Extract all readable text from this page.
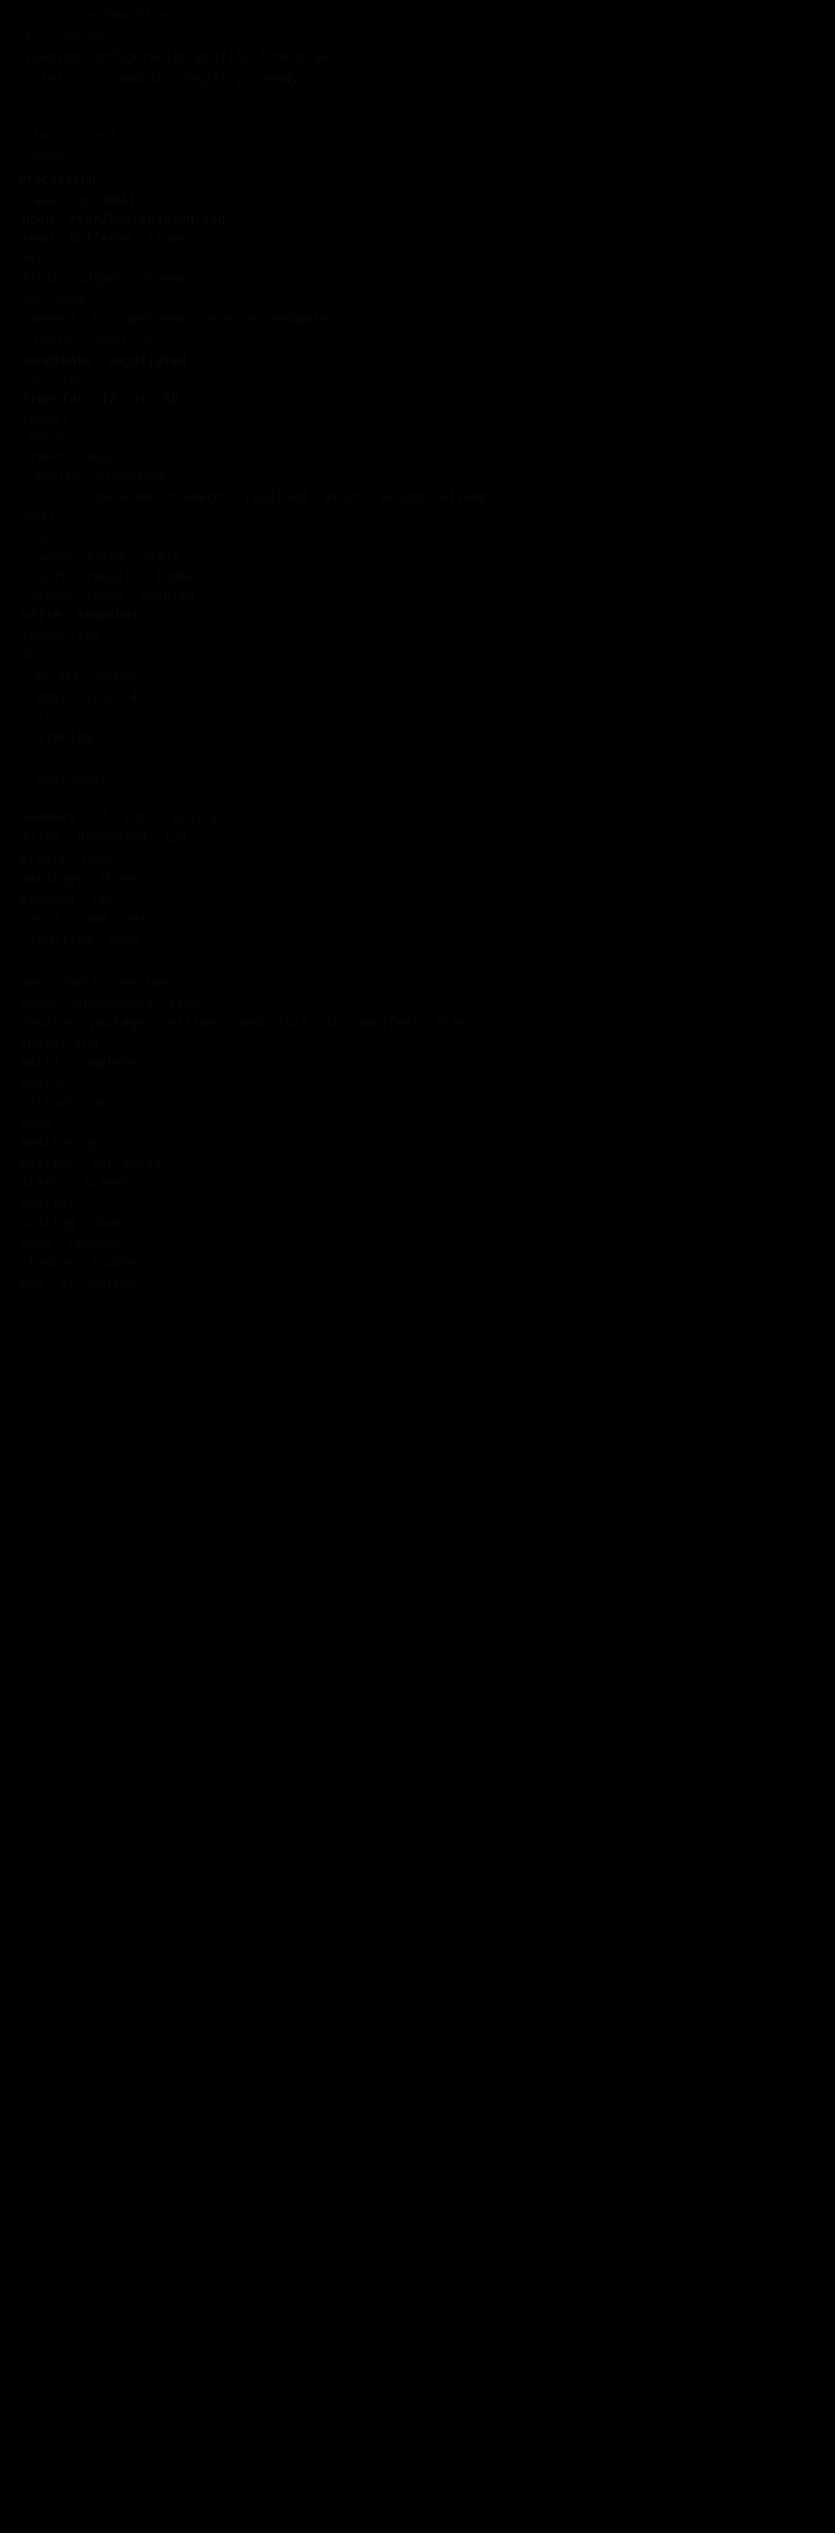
user@machine
$ ./run.sh
loading configuration profile from disk
init  ::  module  registry  ready
status : active
queue
processing
task  id  00412
open  /var/log/session.log
read  buffered  lines
wait  for  io
flush  output  stream
ok  done
connect  to  upstream  service  endpoint
retry  count  0
handshake  negotiated
session
transfer  12  of  48
commit
merge
branch  main
verify  signature
checksum  mismatch  resolved  after  second  attempt
next
log
warn  cache  stale
info  rebuild  index
debug  trace  enabled
write  snapshot
compacting
done
restart  worker
pool  size  4
idle
listening
heartbeat
summary  of  run  results
files  processed  128
errors  none
warnings  three
elapsed  14s
exit  code  zero
shutting  down
new  shell  session
check  dependency  tree
resolve  package  versions  and  lock  to  manifest  file
installing
build  complete
deploy
rollout  ok
done
monitoring
metrics  collected
alerts  silent
healthy
scaling  down
node  removed
cluster  stable
end  of  output
